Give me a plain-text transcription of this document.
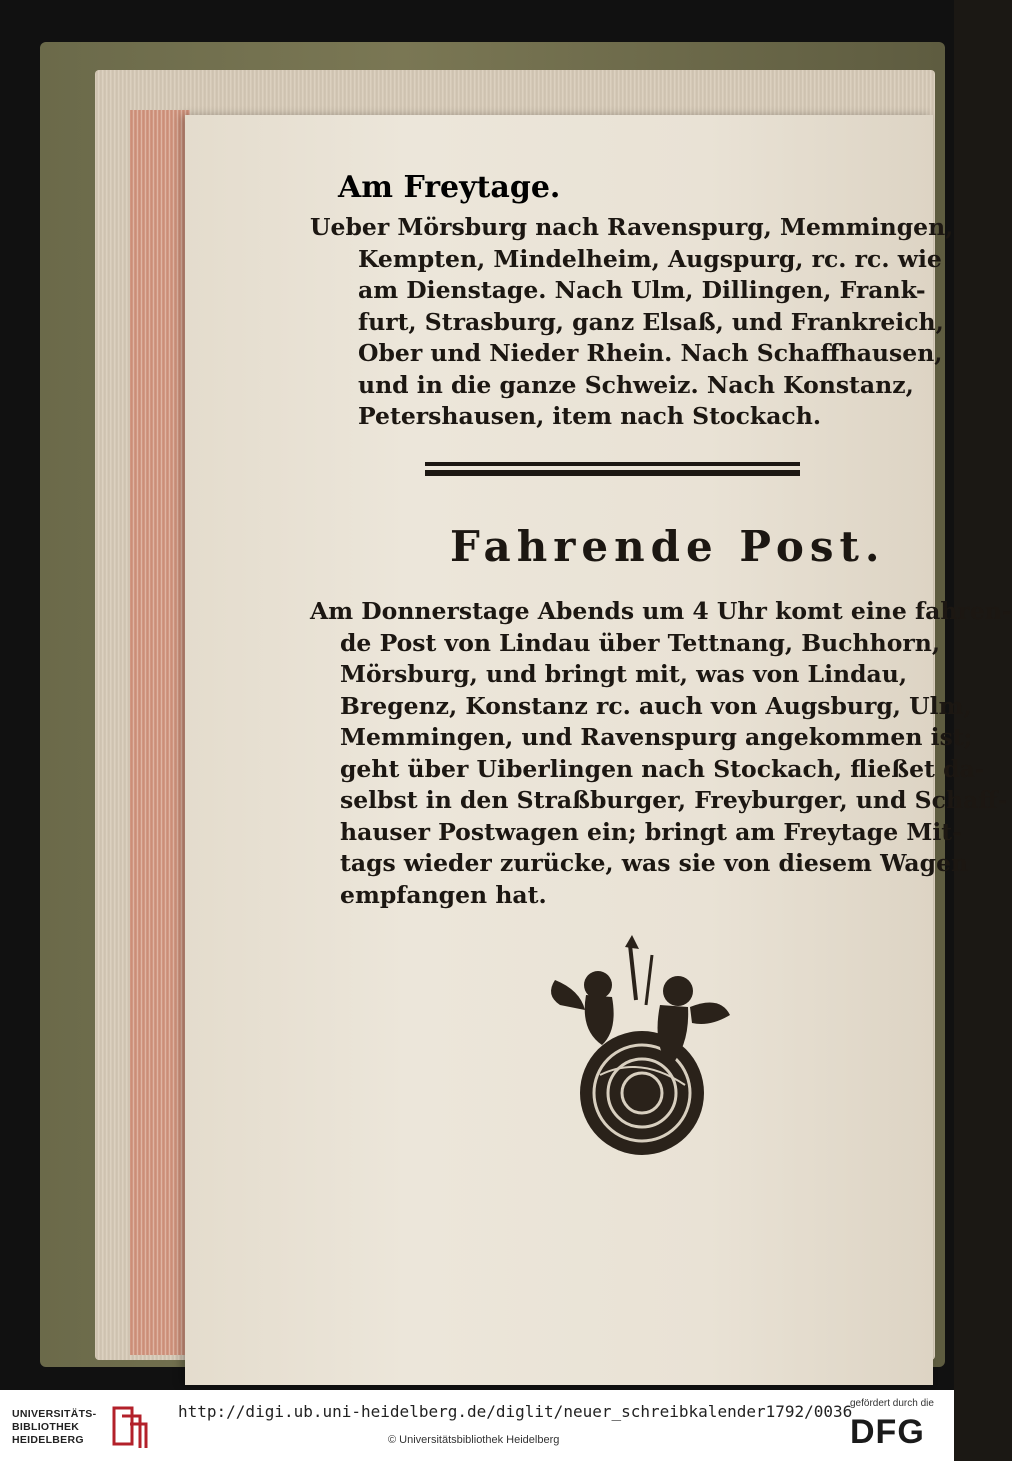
Am Freytage.
Ueber Mörsburg nach Ravenspurg, Memmingen,
Kempten, Mindelheim, Augspurg, rc. rc. wie
am Dienstage. Nach Ulm, Dillingen, Frank-
furt, Strasburg, ganz Elsaß, und Frankreich,
Ober und Nieder Rhein. Nach Schaffhausen,
und in die ganze Schweiz. Nach Konstanz,
Petershausen, item nach Stockach.
Fahrende Post.
Am Donnerstage Abends um 4 Uhr komt eine fahren-
de Post von Lindau über Tettnang, Buchhorn,
Mörsburg, und bringt mit, was von Lindau,
Bregenz, Konstanz rc. auch von Augsburg, Ulm,
Memmingen, und Ravenspurg angekommen ist;
geht über Uiberlingen nach Stockach, fließet da-
selbst in den Straßburger, Freyburger, und Schaff-
hauser Postwagen ein; bringt am Freytage Mit-
tags wieder zurücke, was sie von diesem Wagen
empfangen hat.
UNIVERSITÄTS-
BIBLIOTHEK
HEIDELBERG
http://digi.ub.uni-heidelberg.de/diglit/neuer_schreibkalender1792/0036
© Universitätsbibliothek Heidelberg
gefördert durch die
DFG
